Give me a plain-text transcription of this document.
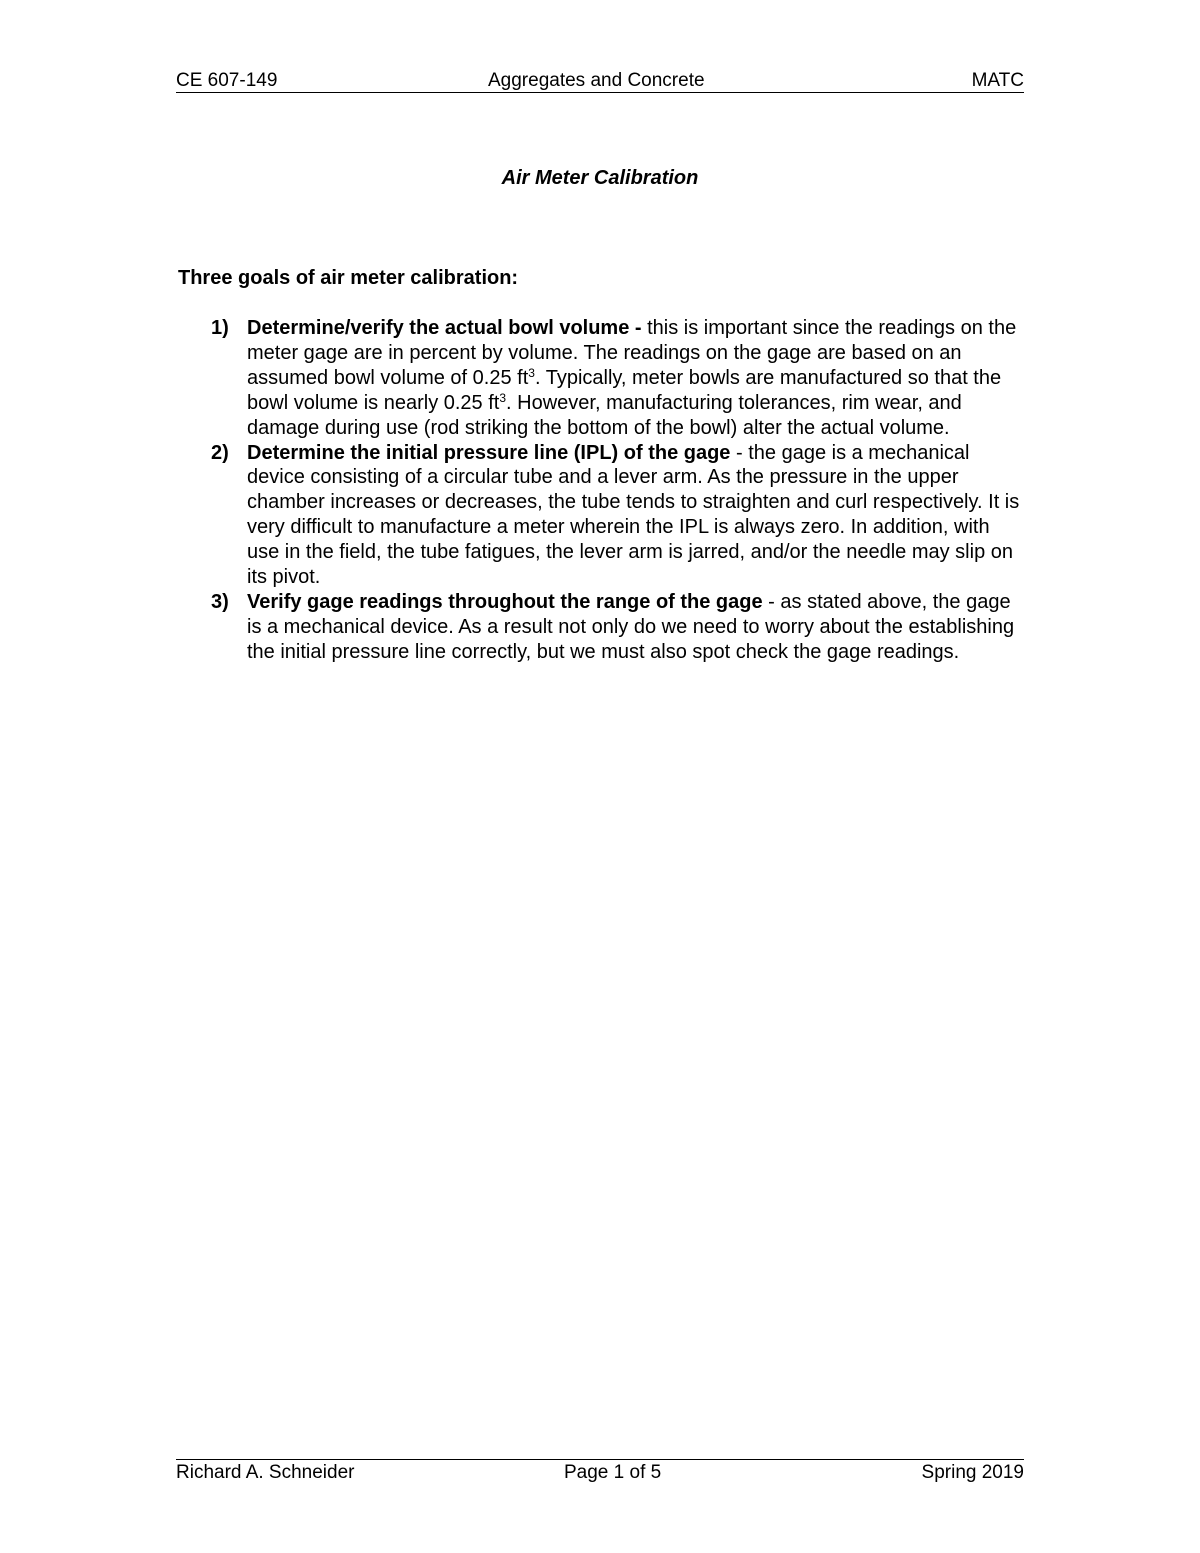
CE 607-149	Aggregates and Concrete	MATC
Air Meter Calibration
Three goals of air meter calibration:
1) Determine/verify the actual bowl volume - this is important since the readings on the meter gage are in percent by volume. The readings on the gage are based on an assumed bowl volume of 0.25 $ft^3$. Typically, meter bowls are manufactured so that the bowl volume is nearly 0.25 $ft^3$. However, manufacturing tolerances, rim wear, and damage during use (rod striking the bottom of the bowl) alter the actual volume.
2) Determine the initial pressure line (IPL) of the gage - the gage is a mechanical device consisting of a circular tube and a lever arm. As the pressure in the upper chamber increases or decreases, the tube tends to straighten and curl respectively. It is very difficult to manufacture a meter wherein the IPL is always zero. In addition, with use in the field, the tube fatigues, the lever arm is jarred, and/or the needle may slip on its pivot.
3) Verify gage readings throughout the range of the gage - as stated above, the gage is a mechanical device. As a result not only do we need to worry about the establishing the initial pressure line correctly, but we must also spot check the gage readings.
Richard A. Schneider	Page 1 of 5	Spring 2019
